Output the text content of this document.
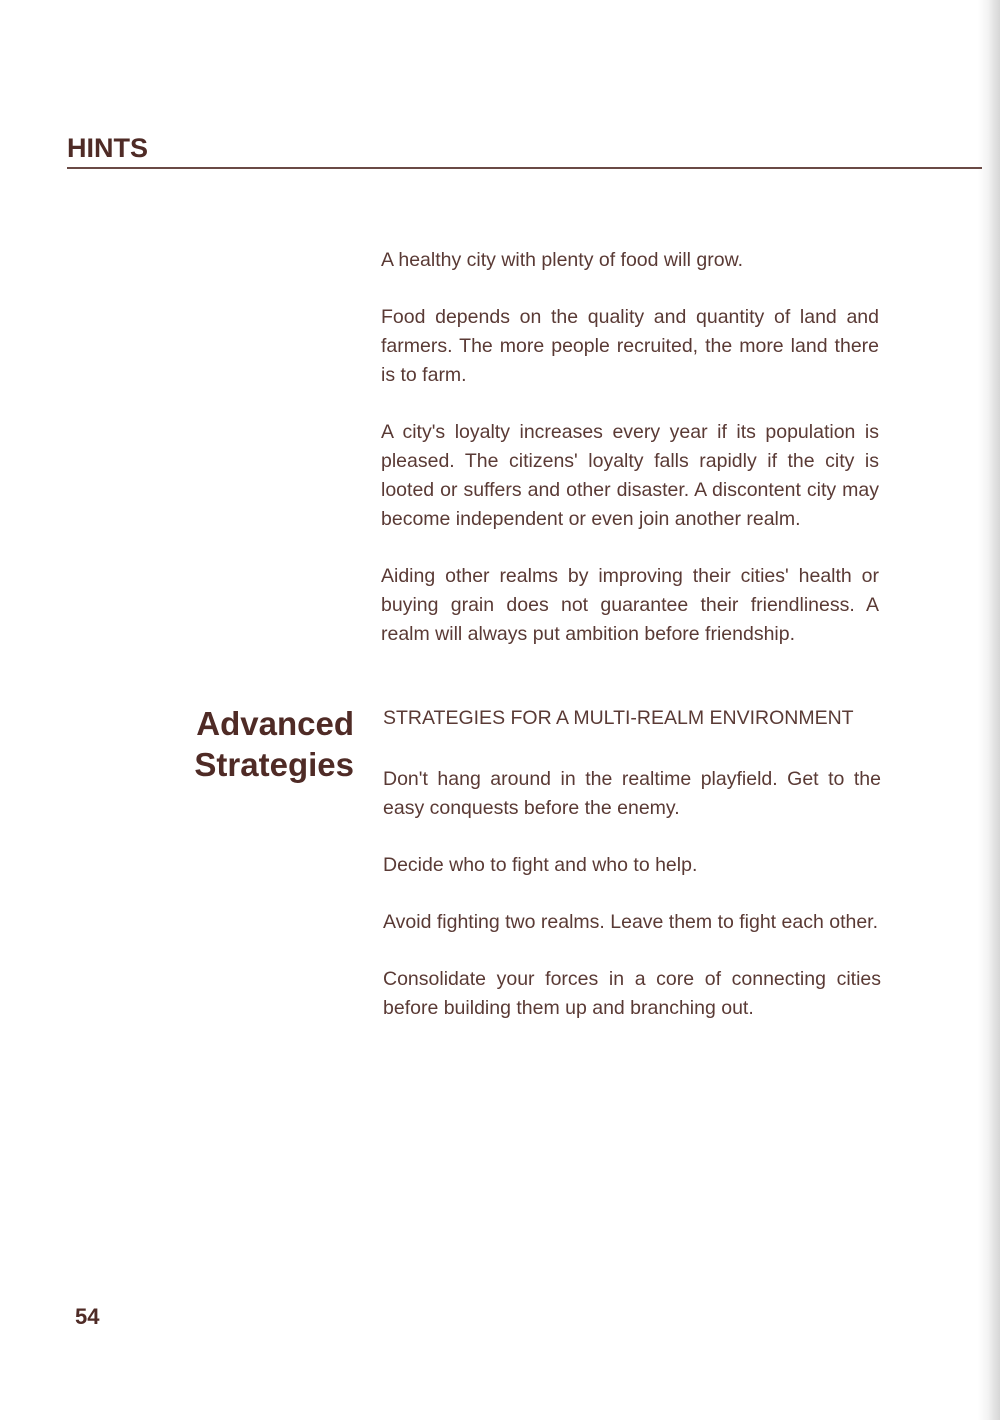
HINTS

A healthy city with plenty of food will grow.

Food depends on the quality and quantity of land and farmers. The more people recruited, the more land there is to farm.

A city's loyalty increases every year if its population is pleased. The citizens' loyalty falls rapidly if the city is looted or suffers and other disaster. A discontent city may become independent or even join another realm.

Aiding other realms by improving their cities' health or buying grain does not guarantee their friendliness. A realm will always put ambition before friendship.

Advanced
Strategies
STRATEGIES FOR A MULTI-REALM ENVIRONMENT

Don't hang around in the realtime playfield. Get to the easy conquests before the enemy.

Decide who to fight and who to help.

Avoid fighting two realms. Leave them to fight each other.

Consolidate your forces in a core of connecting cities before building them up and branching out.

54
